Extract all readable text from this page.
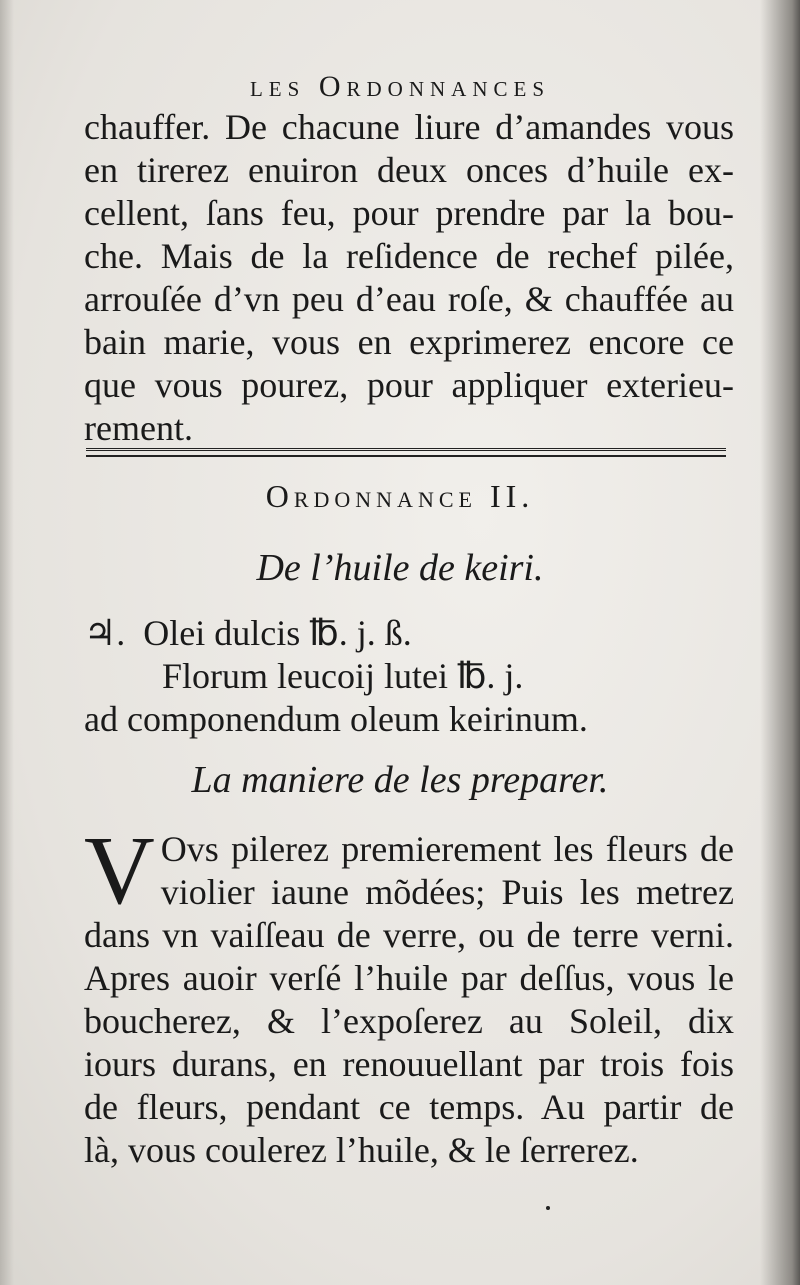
les Ordonnances
chauffer. De chacune liure d’amandes vous
en tirerez enuiron deux onces d’huile ex-
cellent, ſans feu, pour prendre par la bou-
che. Mais de la reſidence de rechef pilée,
arrouſée d’vn peu d’eau roſe, & chauffée au
bain marie, vous en exprimerez encore ce
que vous pourez, pour appliquer exterieu-
rement.
Ordonnance II.
De l’huile de keiri.
♃. Olei dulcis ℔. j. ß.
Florum leucoij lutei ℔. j.
ad componendum oleum keirinum.
La maniere de les preparer.
V Ovs pilerez premierement les fleurs de
violier iaune mõdées; Puis les metrez
dans vn vaiſſeau de verre, ou de terre verni.
Apres auoir verſé l’huile par deſſus, vous le
boucherez, & l’expoſerez au Soleil, dix
iours durans, en renouuellant par trois fois
de fleurs, pendant ce temps. Au partir de
là, vous coulerez l’huile, & le ſerrerez.
